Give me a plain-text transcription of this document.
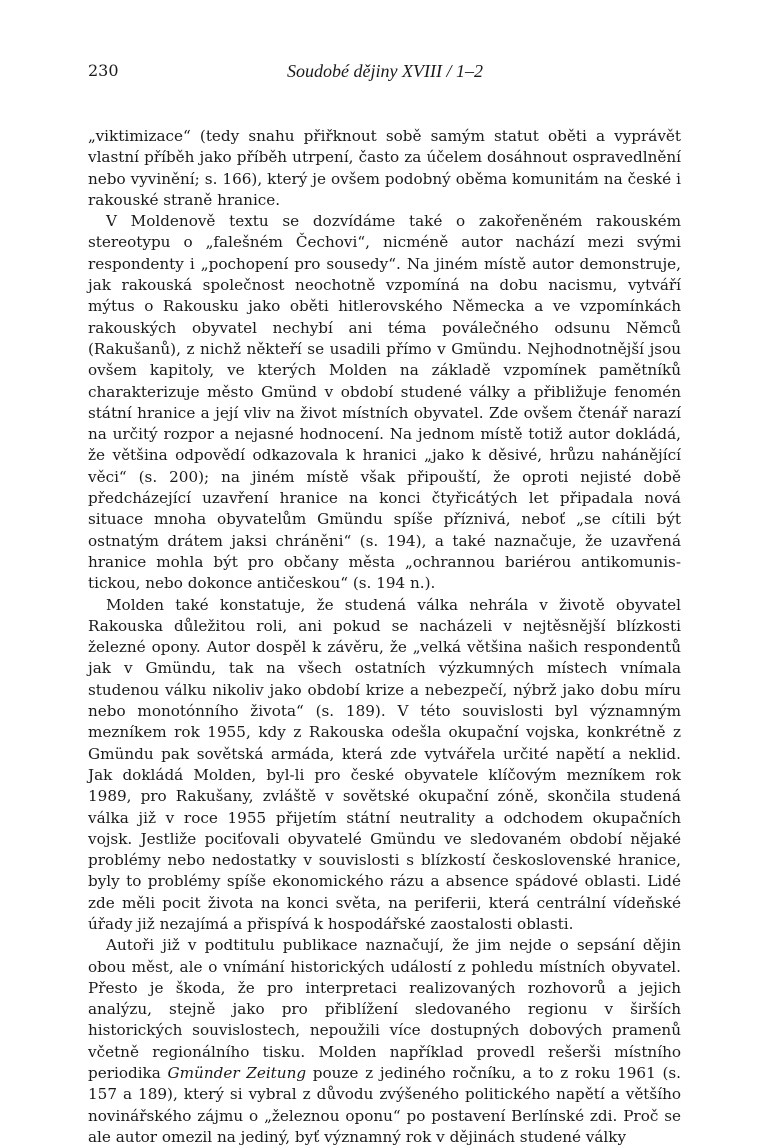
230	Soudobé dějiny XVIII / 1–2

„viktimizace“ (tedy snahu přiřknout sobě samým statut oběti a vyprávět vlastní příběh jako příběh utrpení, často za účelem dosáhnout ospravedlnění nebo vyvinění; s. 166), který je ovšem podobný oběma komunitám na české i rakouské straně hranice.

V Moldenově textu se dozvídáme také o zakořeněném rakouském stereotypu o „falešném Čechovi“, nicméně autor nachází mezi svými respondenty i „pochopení pro sousedy“. Na jiném místě autor demonstruje, jak rakouská společnost neochotně vzpomíná na dobu nacismu, vytváří mýtus o Rakousku jako oběti hitlerovského Německa a ve vzpomínkách rakouských obyvatel nechybí ani téma poválečného odsunu Němců (Rakušanů), z nichž někteří se usadili přímo v Gmündu. Nejhodnotnější jsou ovšem kapitoly, ve kterých Molden na základě vzpomínek pamětníků charakterizuje město Gmünd v období studené války a přibližuje fenomén státní hranice a její vliv na život místních obyvatel. Zde ovšem čtenář narazí na určitý rozpor a nejasné hodnocení. Na jednom místě totiž autor dokládá, že většina odpovědí odkazovala k hranici „jako k děsivé, hrůzu nahánějící věci“ (s. 200); na jiném místě však připouští, že oproti nejisté době předcházející uzavření hranice na konci čtyřicátých let připadala nová situace mnoha obyvatelům Gmündu spíše příznivá, neboť „se cítili být ostnatým drátem jaksi chráněni“ (s. 194), a také naznačuje, že uzavřená hranice mohla být pro občany města „ochrannou bariérou antikomunistickou, nebo dokonce antičeskou“ (s. 194 n.).

Molden také konstatuje, že studená válka nehrála v životě obyvatel Rakouska důležitou roli, ani pokud se nacházeli v nejtěsnější blízkosti železné opony. Autor dospěl k závěru, že „velká většina našich respondentů jak v Gmündu, tak na všech ostatních výzkumných místech vnímala studenou válku nikoliv jako období krize a nebezpečí, nýbrž jako dobu míru nebo monotónního života“ (s. 189). V této souvislosti byl významným mezníkem rok 1955, kdy z Rakouska odešla okupační vojska, konkrétně z Gmündu pak sovětská armáda, která zde vytvářela určité napětí a neklid. Jak dokládá Molden, byl-li pro české obyvatele klíčovým mezníkem rok 1989, pro Rakušany, zvláště v sovětské okupační zóně, skončila studená válka již v roce 1955 přijetím státní neutrality a odchodem okupačních vojsk. Jestliže pociťovali obyvatelé Gmündu ve sledovaném období nějaké problémy nebo nedostatky v souvislosti s blízkostí československé hranice, byly to problémy spíše ekonomického rázu a absence spádové oblasti. Lidé zde měli pocit života na konci světa, na periferii, která centrální vídeňské úřady již nezajímá a přispívá k hospodářské zaostalosti oblasti.

Autoři již v podtitulu publikace naznačují, že jim nejde o sepsání dějin obou měst, ale o vnímání historických událostí z pohledu místních obyvatel. Přesto je škoda, že pro interpretaci realizovaných rozhovorů a jejich analýzu, stejně jako pro přiblížení sledovaného regionu v širších historických souvislostech, nepoužili více dostupných dobových pramenů včetně regionálního tisku. Molden například provedl rešerši místního periodika Gmünder Zeitung pouze z jediného ročníku, a to z roku 1961 (s. 157 a 189), který si vybral z důvodu zvýšeného politického napětí a většího novinářského zájmu o „železnou oponu“ po postavení Berlínské zdi. Proč se ale autor omezil na jediný, byť významný rok v dějinách studené války
